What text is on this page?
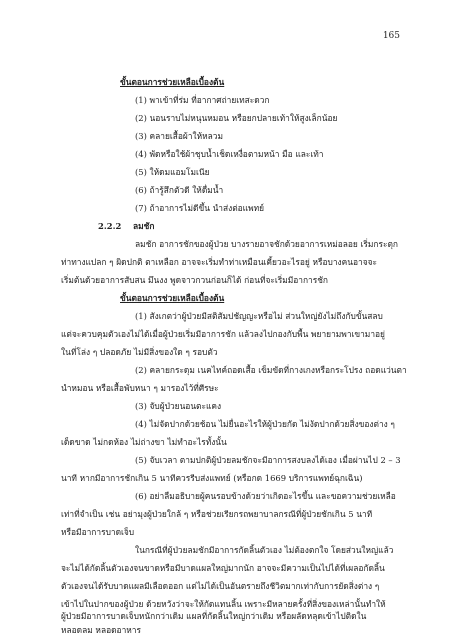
165
ขั้นตอนการช่วยเหลือเบื้องต้น
(1) พาเข้าที่ร่ม ที่อากาศถ่ายเทสะดวก
(2) นอนราบไม่หนุนหมอน หรือยกปลายเท้าให้สูงเล็กน้อย
(3) คลายเสื้อผ้าให้หลวม
(4) พัดหรือใช้ผ้าชุบน้ำเช็ดเหงื่อตามหน้า มือ และเท้า
(5) ให้ดมแอมโมเนีย
(6) ถ้ารู้สึกตัวดี ให้ดื่มน้ำ
(7) ถ้าอาการไม่ดีขึ้น นำส่งต่อแพทย์
2.2.2 ลมชัก
ลมชัก อาการชักของผู้ป่วย บางรายอาจชักด้วยอาการเหม่อลอย เริ่มกระตุก
ท่าทางแปลก ๆ ผิดปกติ ตาเหลือก อาจจะเริ่มทำท่าเหมือนเคี้ยวอะไรอยู่ หรือบางคนอาจจะ
เริ่มต้นด้วยอาการสับสน มึนงง พูดจาวกวนก่อนก็ได้ ก่อนที่จะเริ่มมีอาการชัก
ขั้นตอนการช่วยเหลือเบื้องต้น
(1) สังเกตว่าผู้ป่วยมีสติสัมปชัญญะหรือไม่ ส่วนใหญ่ยังไม่ถึงกับขั้นสลบ
แต่จะควบคุมตัวเองไม่ได้เมื่อผู้ป่วยเริ่มมีอาการชัก แล้วลงไปกองกับพื้น พยายามพาเขามาอยู่
ในที่โล่ง ๆ ปลอดภัย ไม่มีสิ่งของใด ๆ รอบตัว
(2) คลายกระดุม เนคไทค์ถอดเสื้อ เข็มขัดที่กางเกงหรือกระโปรง ถอดแว่นตา
นำหมอน หรือเสื้อพับหนา ๆ มารองไว้ที่ศีรษะ
(3) จับผู้ป่วยนอนตะแคง
(4) ไม่จัดปากด้วยช้อน ไม่ยื่นอะไรให้ผู้ป่วยกัด ไม่งัดปากด้วยสิ่งของต่าง ๆ
เด็ดขาด ไม่กดห้อง ไม่ถ่างขา ไม่ทำอะไรทั้งนั้น
(5) จับเวลา ตามปกติผู้ป่วยลมชักจะมีอาการสงบลงได้เอง เมื่อผ่านไป 2 – 3
นาที หากมีอาการชักเกิน 5 นาทีควรรีบส่งแพทย์ (หรือกด 1669 บริการแพทย์ฉุกเฉิน)
(6) อย่าลืมอธิบายผู้คนรอบข้างด้วยว่าเกิดอะไรขึ้น และขอความช่วยเหลือ
เท่าที่จำเป็น เช่น อย่ามุงผู้ป่วยใกล้ ๆ หรือช่วยเรียกรถพยาบาลกรณีที่ผู้ป่วยชักเกิน 5 นาที
หรือมีอาการบาดเจ็บ
ในกรณีที่ผู้ป่วยลมชักมีอาการกัดลิ้นตัวเอง ไม่ต้องตกใจ โดยส่วนใหญ่แล้ว
จะไม่ได้กัดลิ้นตัวเองจนขาดหรือมีบาดแผลใหญ่มากนัก อาจจะมีความเป็นไปได้ที่เผลอกัดลิ้น
ตัวเองจนได้รับบาดแผลมีเลือดออก แต่ไม่ได้เป็นอันตรายถึงชีวิตมากเท่ากับการยัดสิ่งต่าง ๆ
เข้าไปในปากของผู้ป่วย ด้วยหวังว่าจะให้กัดแทนลิ้น เพราะมีหลายครั้งที่สิ่งของเหล่านั้นทำให้
ผู้ป่วยมีอาการบาดเจ็บหนักกว่าเดิม แผลที่กัดลิ้นใหญ่กว่าเดิม หรือผลัดหลุดเข้าไปติดใน
หลอดลม หลอดอาหาร
